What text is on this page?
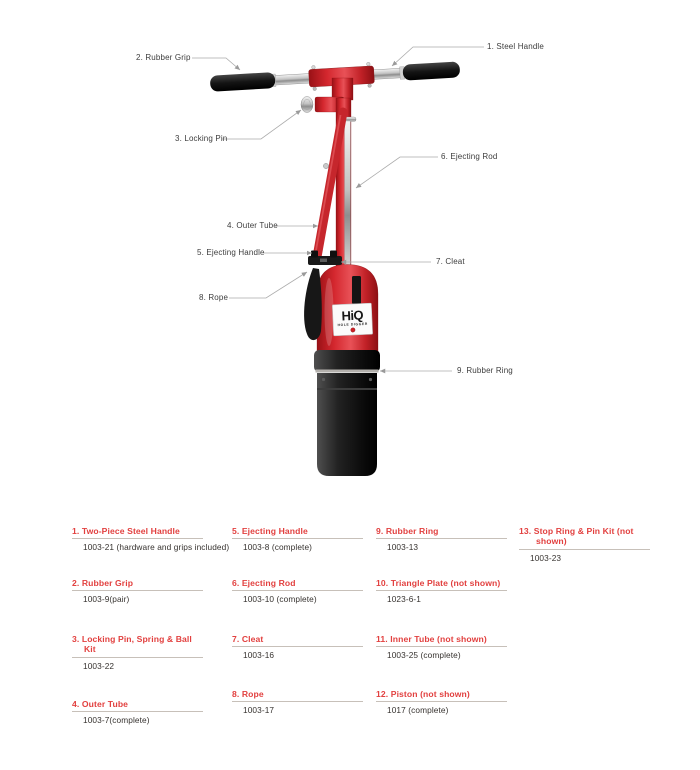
HiQ
HOLE DIGGER
1. Steel Handle
2. Rubber Grip
3. Locking Pin
4. Outer Tube
5. Ejecting Handle
6. Ejecting Rod
7. Cleat
8. Rope
9. Rubber Ring
1. Two-Piece Steel Handle
1003-21 (hardware and grips included)
2. Rubber Grip
1003-9(pair)
3. Locking Pin, Spring & Ball Kit
1003-22
4. Outer Tube
1003-7(complete)
5. Ejecting Handle
1003-8 (complete)
6. Ejecting Rod
1003-10 (complete)
7. Cleat
1003-16
8. Rope
1003-17
9. Rubber Ring
1003-13
10. Triangle Plate (not shown)
1023-6-1
11. Inner Tube (not shown)
1003-25 (complete)
12. Piston (not shown)
1017 (complete)
13. Stop Ring & Pin Kit (not shown)
1003-23
